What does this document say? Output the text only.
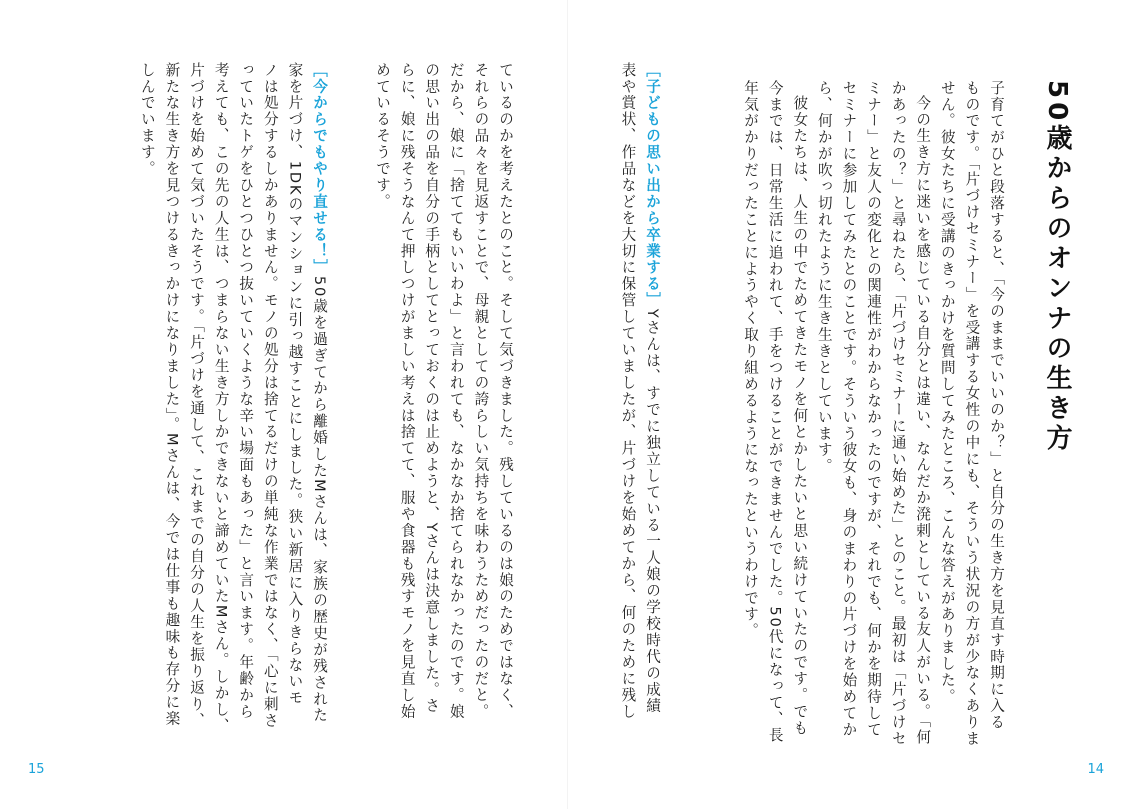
50歳からのオンナの生き方

子育てがひと段落すると、「今のままでいいのか？」と自分の生き方を見直す時期に入る

ものです。「片づけセミナー」を受講する女性の中にも、そういう状況の方が少なくありま

せん。彼女たちに受講のきっかけを質問してみたところ、こんな答えがありました。

今の生き方に迷いを感じている自分とは違い、なんだか溌剌としている友人がいる。「何

かあったの？」と尋ねたら、「片づけセミナーに通い始めた」とのこと。最初は「片づけセ

ミナー」と友人の変化との関連性がわからなかったのですが、それでも、何かを期待して

セミナーに参加してみたとのことです。そういう彼女も、身のまわりの片づけを始めてか

ら、何かが吹っ切れたように生き生きとしています。

彼女たちは、人生の中でためてきたモノを何とかしたいと思い続けていたのです。でも

今までは、日常生活に追われて、手をつけることができませんでした。50代になって、長

年気がかりだったことにようやく取り組めるようになったというわけです。

［子どもの思い出から卒業する］Yさんは、すでに独立している一人娘の学校時代の成績

表や賞状、作品などを大切に保管していましたが、片づけを始めてから、何のために残し

14

ているのかを考えたとのこと。そして気づきました。残しているのは娘のためではなく、

それらの品々を見返すことで、母親としての誇らしい気持ちを味わうためだったのだと。

だから、娘に「捨ててもいいわよ」と言われても、なかなか捨てられなかったのです。娘

の思い出の品を自分の手柄としてとっておくのは止めようと、Yさんは決意しました。さ

らに、娘に残そうなんて押しつけがましい考えは捨てて、服や食器も残すモノを見直し始

めているそうです。

［今からでもやり直せる！］50歳を過ぎてから離婚したMさんは、家族の歴史が残された

家を片づけ、1DKのマンションに引っ越すことにしました。狭い新居に入りきらないモ

ノは処分するしかありません。モノの処分は捨てるだけの単純な作業ではなく、「心に刺さ

っていたトゲをひとつひとつ抜いていくような辛い場面もあった」と言います。年齢から

考えても、この先の人生は、つまらない生き方しかできないと諦めていたMさん。しかし、

片づけを始めて気づいたそうです。「片づけを通して、これまでの自分の人生を振り返り、

新たな生き方を見つけるきっかけになりました」。Mさんは、今では仕事も趣味も存分に楽

しんでいます。

15
